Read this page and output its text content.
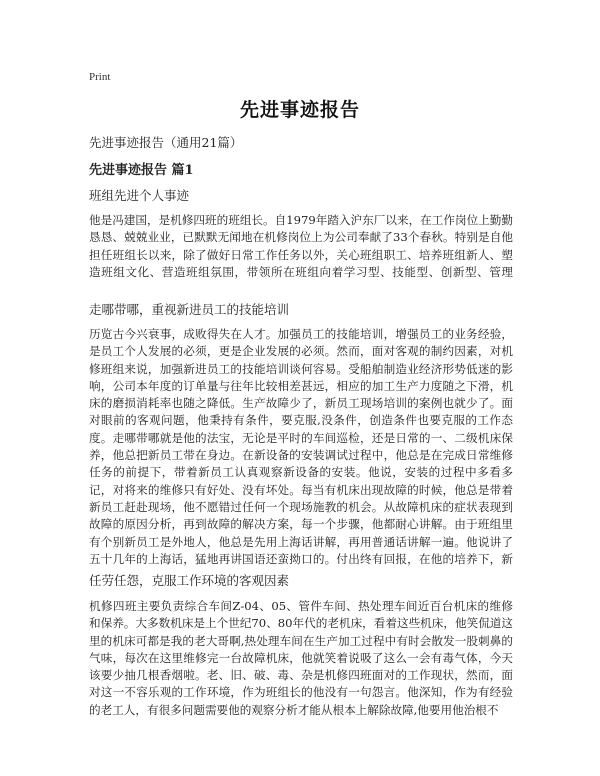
Print
先进事迹报告
先进事迹报告（通用21篇）
先进事迹报告 篇1
班组先进个人事迹

他是冯建国，是机修四班的班组长。自1979年踏入沪东厂以来，在工作岗位上勤勤恳恳、兢兢业业，已默默无闻地在机修岗位上为公司奉献了33个春秋。特别是自他担任班组长以来，除了做好日常工作任务以外，关心班组职工、培养班组新人、塑造班组文化、营造班组氛围，带领所在班组向着学习型、技能型、创新型、管理

走哪带哪，重视新进员工的技能培训

历览古今兴衰事，成败得失在人才。加强员工的技能培训，增强员工的业务经验，是员工个人发展的必须，更是企业发展的必须。然而，面对客观的制约因素，对机修班组来说，加强新进员工的技能培训谈何容易。受船舶制造业经济形势低迷的影响，公司本年度的订单量与往年比较相差甚远，相应的加工生产力度随之下滑，机床的磨损消耗率也随之降低。生产故障少了，新员工现场培训的案例也就少了。面对眼前的客观问题，他秉持有条件，要克服,没条件，创造条件也要克服的工作态度。走哪带哪就是他的法宝，无论是平时的车间巡检，还是日常的一、二级机床保养，他总把新员工带在身边。在新设备的安装调试过程中，他总是在完成日常维修任务的前提下，带着新员工认真观察新设备的安装。他说，安装的过程中多看多记，对将来的维修只有好处、没有坏处。每当有机床出现故障的时候，他总是带着新员工赶赴现场，他不愿错过任何一个现场施教的机会。从故障机床的症状表现到故障的原因分析，再到故障的解决方案，每一个步骤，他都耐心讲解。由于班组里有个别新员工是外地人，他总是先用上海话讲解，再用普通话讲解一遍。他说讲了五十几年的上海话，猛地再讲国语还蛮拗口的。付出终有回报，在他的培养下，新

任劳任怨，克服工作环境的客观因素

机修四班主要负责综合车间Z-04、05、管件车间、热处理车间近百台机床的维修和保养。大多数机床是上个世纪70、80年代的老机床，看着这些机床，他笑侃道这里的机床可都是我的老大哥啊,热处理车间在生产加工过程中有时会散发一股刺鼻的气味，每次在这里维修完一台故障机床，他就笑着说吸了这么一会有毒气体，今天该要少抽几根香烟啦。老、旧、破、毒、杂是机修四班面对的工作现状，然而，面对这一不容乐观的工作环境，作为班组长的他没有一句怨言。他深知，作为有经验的老工人，有很多问题需要他的观察分析才能从根本上解除故障,他要用他治根不
